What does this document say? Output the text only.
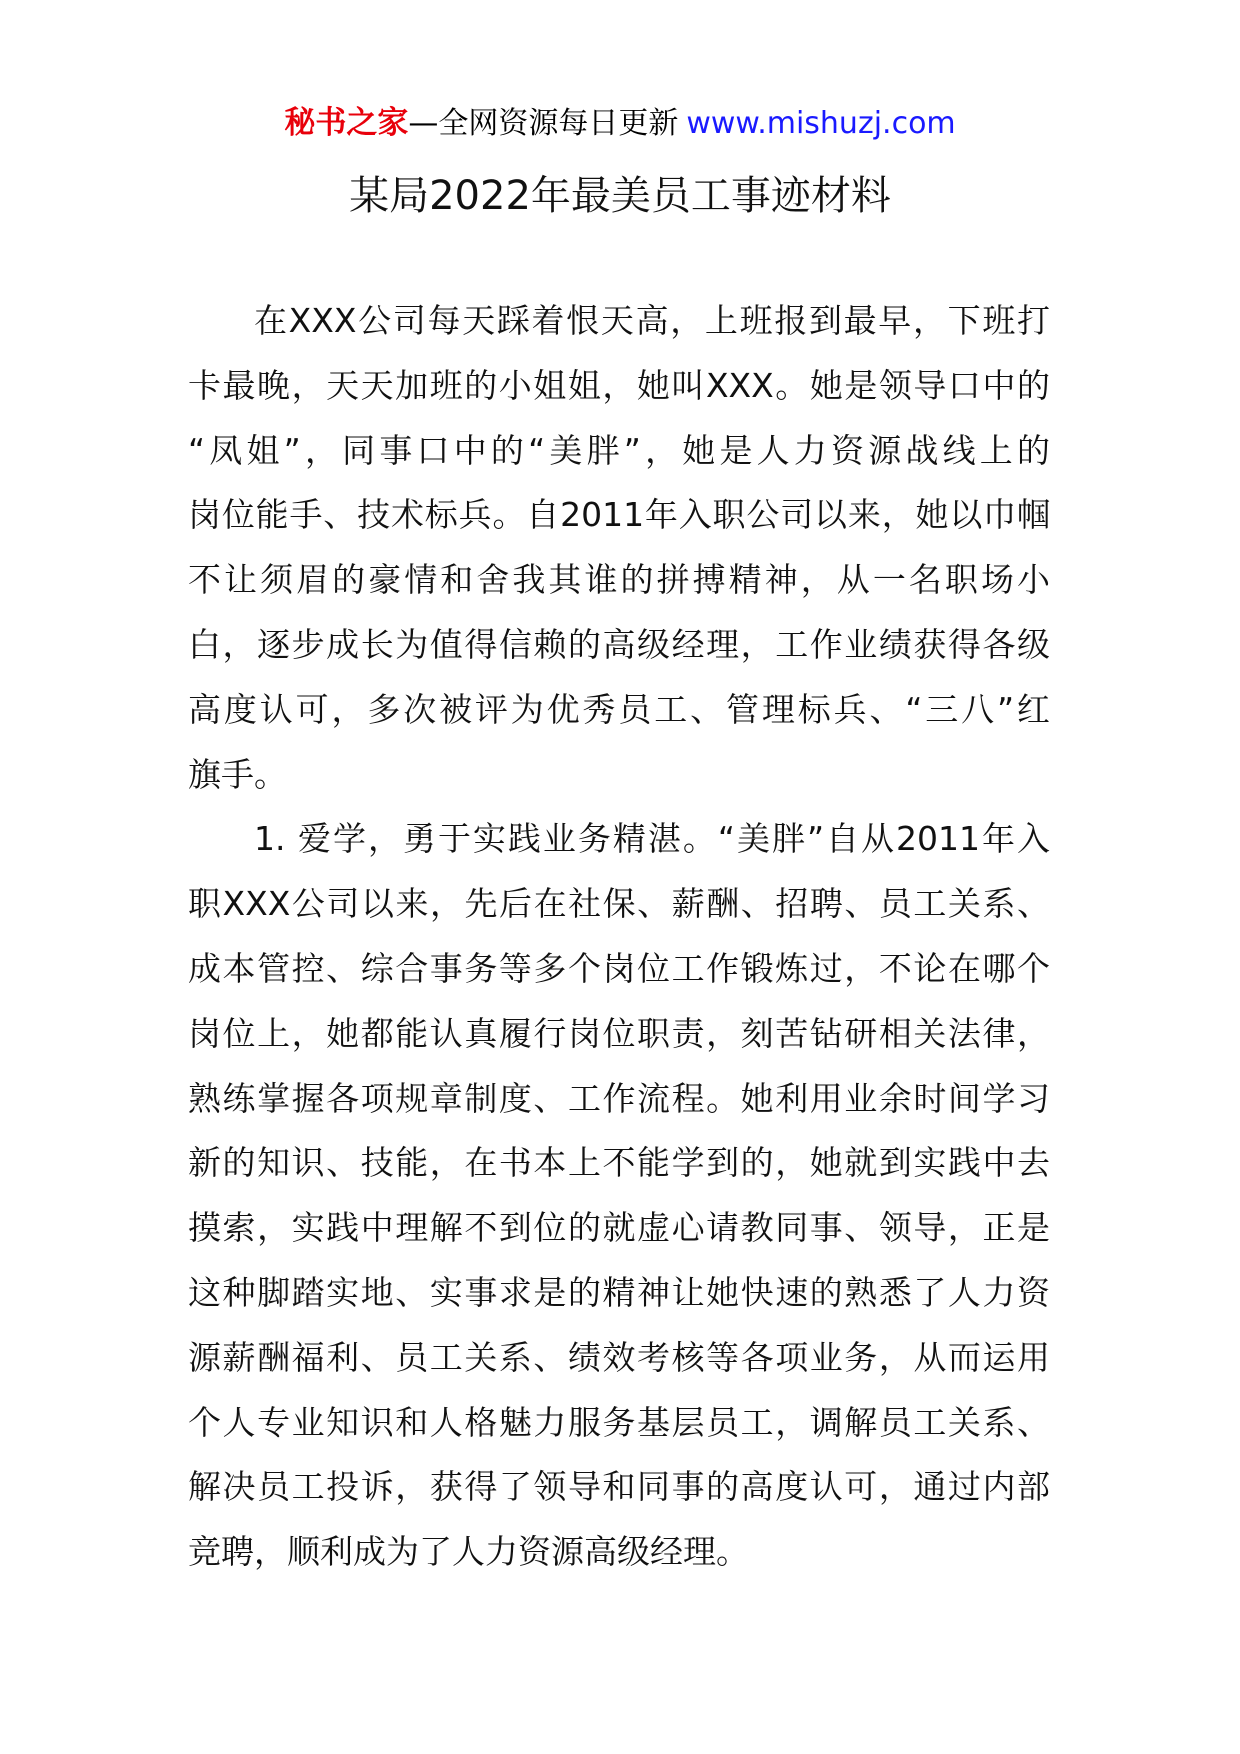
秘书之家—全网资源每日更新 www.mishuzj.com
某局2022年最美员工事迹材料
在XXX公司每天踩着恨天高，上班报到最早，下班打
卡最晚，天天加班的小姐姐，她叫XXX。她是领导口中的
“凤姐”，同事口中的“美胖”，她是人力资源战线上的
岗位能手、技术标兵。自2011年入职公司以来，她以巾帼
不让须眉的豪情和舍我其谁的拼搏精神，从一名职场小
白，逐步成长为值得信赖的高级经理，工作业绩获得各级
高度认可，多次被评为优秀员工、管理标兵、“三八”红
旗手。
1. 爱学，勇于实践业务精湛。“美胖”自从2011年入
职XXX公司以来，先后在社保、薪酬、招聘、员工关系、
成本管控、综合事务等多个岗位工作锻炼过，不论在哪个
岗位上，她都能认真履行岗位职责，刻苦钻研相关法律，
熟练掌握各项规章制度、工作流程。她利用业余时间学习
新的知识、技能，在书本上不能学到的，她就到实践中去
摸索，实践中理解不到位的就虚心请教同事、领导，正是
这种脚踏实地、实事求是的精神让她快速的熟悉了人力资
源薪酬福利、员工关系、绩效考核等各项业务，从而运用
个人专业知识和人格魅力服务基层员工，调解员工关系、
解决员工投诉，获得了领导和同事的高度认可，通过内部
竞聘，顺利成为了人力资源高级经理。
